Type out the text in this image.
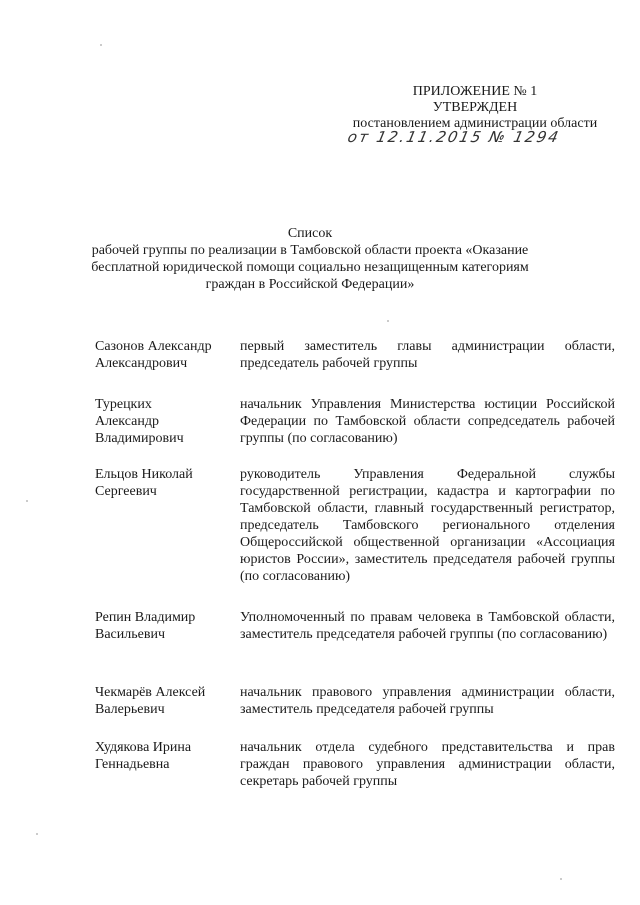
ПРИЛОЖЕНИЕ № 1
УТВЕРЖДЕН
постановлением администрации области
от 12.11.2015 № 1294
Список
рабочей группы по реализации в Тамбовской области проекта «Оказание бесплатной юридической помощи социально незащищенным категориям граждан в Российской Федерации»
Сазонов Александр
Александрович
первый заместитель главы администрации области, председатель рабочей группы
Турецких
Александр
Владимирович
начальник Управления Министерства юстиции Российской Федерации по Тамбовской области сопредседатель рабочей группы (по согласованию)
Ельцов Николай
Сергеевич
руководитель Управления Федеральной службы государственной регистрации, кадастра и картографии по Тамбовской области, главный государственный регистратор, председатель Тамбовского регионального отделения Общероссийской общественной организации «Ассоциация юристов России», заместитель председателя рабочей группы (по согласованию)
Репин Владимир
Васильевич
Уполномоченный по правам человека в Тамбовской области, заместитель председателя рабочей группы (по согласованию)
Чекмарёв Алексей
Валерьевич
начальник правового управления администрации области, заместитель председателя рабочей группы
Худякова Ирина
Геннадьевна
начальник отдела судебного представительства и прав граждан правового управления администрации области, секретарь рабочей группы
